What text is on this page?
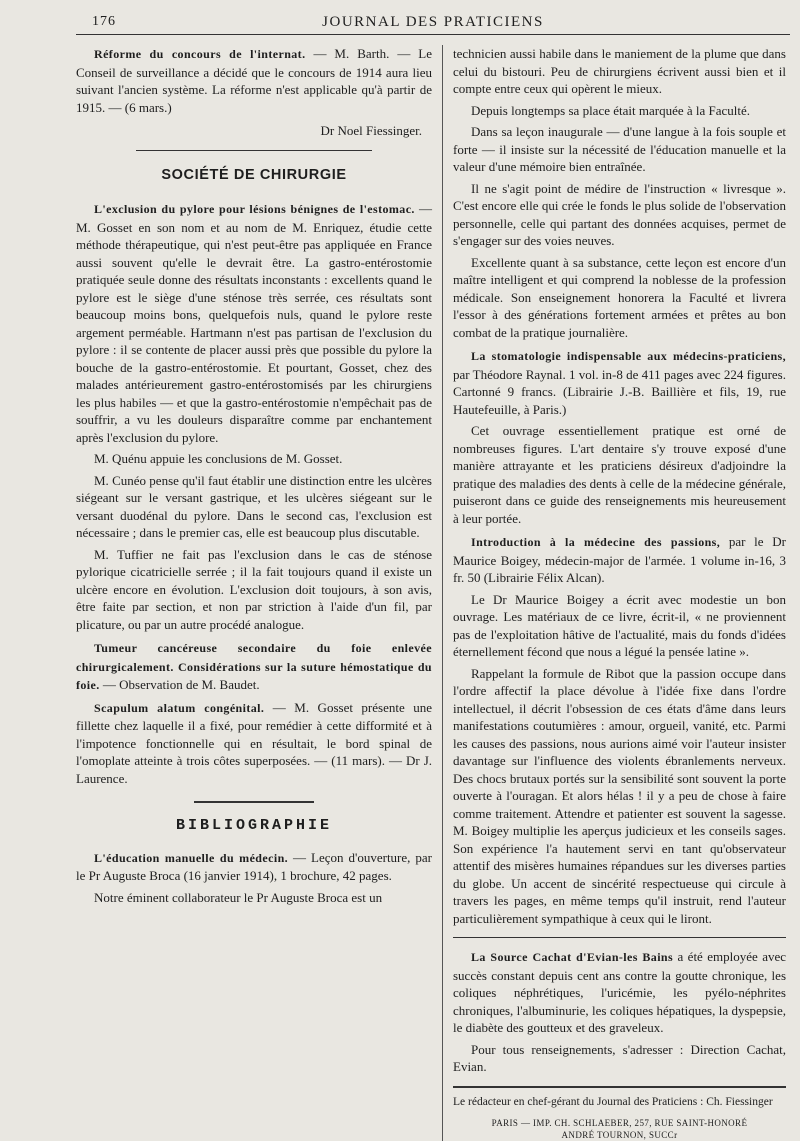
176	JOURNAL DES PRATICIENS

Réforme du concours de l'internat. — M. Barth. — Le Conseil de surveillance a décidé que le concours de 1914 aura lieu suivant l'ancien système. La réforme n'est applicable qu'à partir de 1915. — (6 mars.)

Dr Noel Fiessinger.

SOCIÉTÉ DE CHIRURGIE

L'exclusion du pylore pour lésions bénignes de l'estomac. — M. Gosset en son nom et au nom de M. Enriquez, étudie cette méthode thérapeutique, qui n'est peut-être pas appliquée en France aussi souvent qu'elle le devrait être. La gastro-entérostomie pratiquée seule donne des résultats inconstants : excellents quand le pylore est le siège d'une sténose très serrée, ces résultats sont beaucoup moins bons, quelquefois nuls, quand le pylore reste argement perméable. Hartmann n'est pas partisan de l'exclusion du pylore : il se contente de placer aussi près que possible du pylore la bouche de la gastro-entérostomie. Et pourtant, Gosset, chez des malades antérieurement gastro-entérostomisés par les chirurgiens les plus habiles — et que la gastro-entérostomie n'empêchait pas de souffrir, a vu les douleurs disparaître comme par enchantement après l'exclusion du pylore.

M. Quénu appuie les conclusions de M. Gosset.

M. Cunéo pense qu'il faut établir une distinction entre les ulcères siégeant sur le versant gastrique, et les ulcères siégeant sur le versant duodénal du pylore. Dans le second cas, l'exclusion est nécessaire ; dans le premier cas, elle est beaucoup plus discutable.

M. Tuffier ne fait pas l'exclusion dans le cas de sténose pylorique cicatricielle serrée ; il la fait toujours quand il existe un ulcère encore en évolution. L'exclusion doit toujours, à son avis, être faite par section, et non par striction à l'aide d'un fil, par plicature, ou par un autre procédé analogue.

Tumeur cancéreuse secondaire du foie enlevée chirurgicalement. Considérations sur la suture hémostatique du foie. — Observation de M. Baudet.

Scapulum alatum congénital. — M. Gosset présente une fillette chez laquelle il a fixé, pour remédier à cette difformité et à l'impotence fonctionnelle qui en résultait, le bord spinal de l'omoplate atteinte à trois côtes superposées. — (11 mars). — Dr J. Laurence.

BIBLIOGRAPHIE

L'éducation manuelle du médecin. — Leçon d'ouverture, par le Pr Auguste Broca (16 janvier 1914), 1 brochure, 42 pages.

Notre éminent collaborateur le Pr Auguste Broca est un

technicien aussi habile dans le maniement de la plume que dans celui du bistouri. Peu de chirurgiens écrivent aussi bien et il compte entre ceux qui opèrent le mieux.

Depuis longtemps sa place était marquée à la Faculté.

Dans sa leçon inaugurale — d'une langue à la fois souple et forte — il insiste sur la nécessité de l'éducation manuelle et la valeur d'une mémoire bien entraînée.

Il ne s'agit point de médire de l'instruction « livresque ». C'est encore elle qui crée le fonds le plus solide de l'observation personnelle, celle qui partant des données acquises, permet de s'engager sur des voies neuves.

Excellente quant à sa substance, cette leçon est encore d'un maître intelligent et qui comprend la noblesse de la profession médicale. Son enseignement honorera la Faculté et livrera l'essor à des générations fortement armées et prêtes au bon combat de la pratique journalière.

La stomatologie indispensable aux médecins-praticiens, par Théodore Raynal. 1 vol. in-8 de 411 pages avec 224 figures. Cartonné 9 francs. (Librairie J.-B. Baillière et fils, 19, rue Hautefeuille, à Paris.)

Cet ouvrage essentiellement pratique est orné de nombreuses figures. L'art dentaire s'y trouve exposé d'une manière attrayante et les praticiens désireux d'adjoindre la pratique des maladies des dents à celle de la médecine générale, puiseront dans ce guide des renseignements mis heureusement à leur portée.

Introduction à la médecine des passions, par le Dr Maurice Boigey, médecin-major de l'armée. 1 volume in-16, 3 fr. 50 (Librairie Félix Alcan).

Le Dr Maurice Boigey a écrit avec modestie un bon ouvrage. Les matériaux de ce livre, écrit-il, « ne proviennent pas de l'exploitation hâtive de l'actualité, mais du fonds d'idées éternellement fécond que nous a légué la pensée latine ».

Rappelant la formule de Ribot que la passion occupe dans l'ordre affectif la place dévolue à l'idée fixe dans l'ordre intellectuel, il décrit l'obsession de ces états d'âme dans leurs manifestations coutumières : amour, orgueil, vanité, etc. Parmi les causes des passions, nous aurions aimé voir l'auteur insister davantage sur l'influence des violents ébranlements nerveux. Des chocs brutaux portés sur la sensibilité sont souvent la porte ouverte à l'ouragan. Et alors hélas ! il y a peu de chose à faire comme traitement. Attendre et patienter est souvent la sagesse. M. Boigey multiplie les aperçus judicieux et les conseils sages. Son expérience l'a hautement servi en tant qu'observateur attentif des misères humaines répandues sur les diverses parties du globe. Un accent de sincérité respectueuse qui circule à travers les pages, en même temps qu'il instruit, rend l'auteur particulièrement sympathique à ceux qui le liront.

La Source Cachat d'Evian-les Bains a été employée avec succès constant depuis cent ans contre la goutte chronique, les coliques néphrétiques, l'uricémie, les pyélo-néphrites chroniques, l'albuminurie, les coliques hépatiques, la dyspepsie, le diabète des goutteux et des graveleux.

Pour tous renseignements, s'adresser : Direction Cachat, Evian.

Le rédacteur en chef-gérant du Journal des Praticiens : Ch. Fiessinger
PARIS — IMP. CH. SCHLAEBER, 257, RUE SAINT-HONORÉ
ANDRÉ TOURNON, SUCCr
